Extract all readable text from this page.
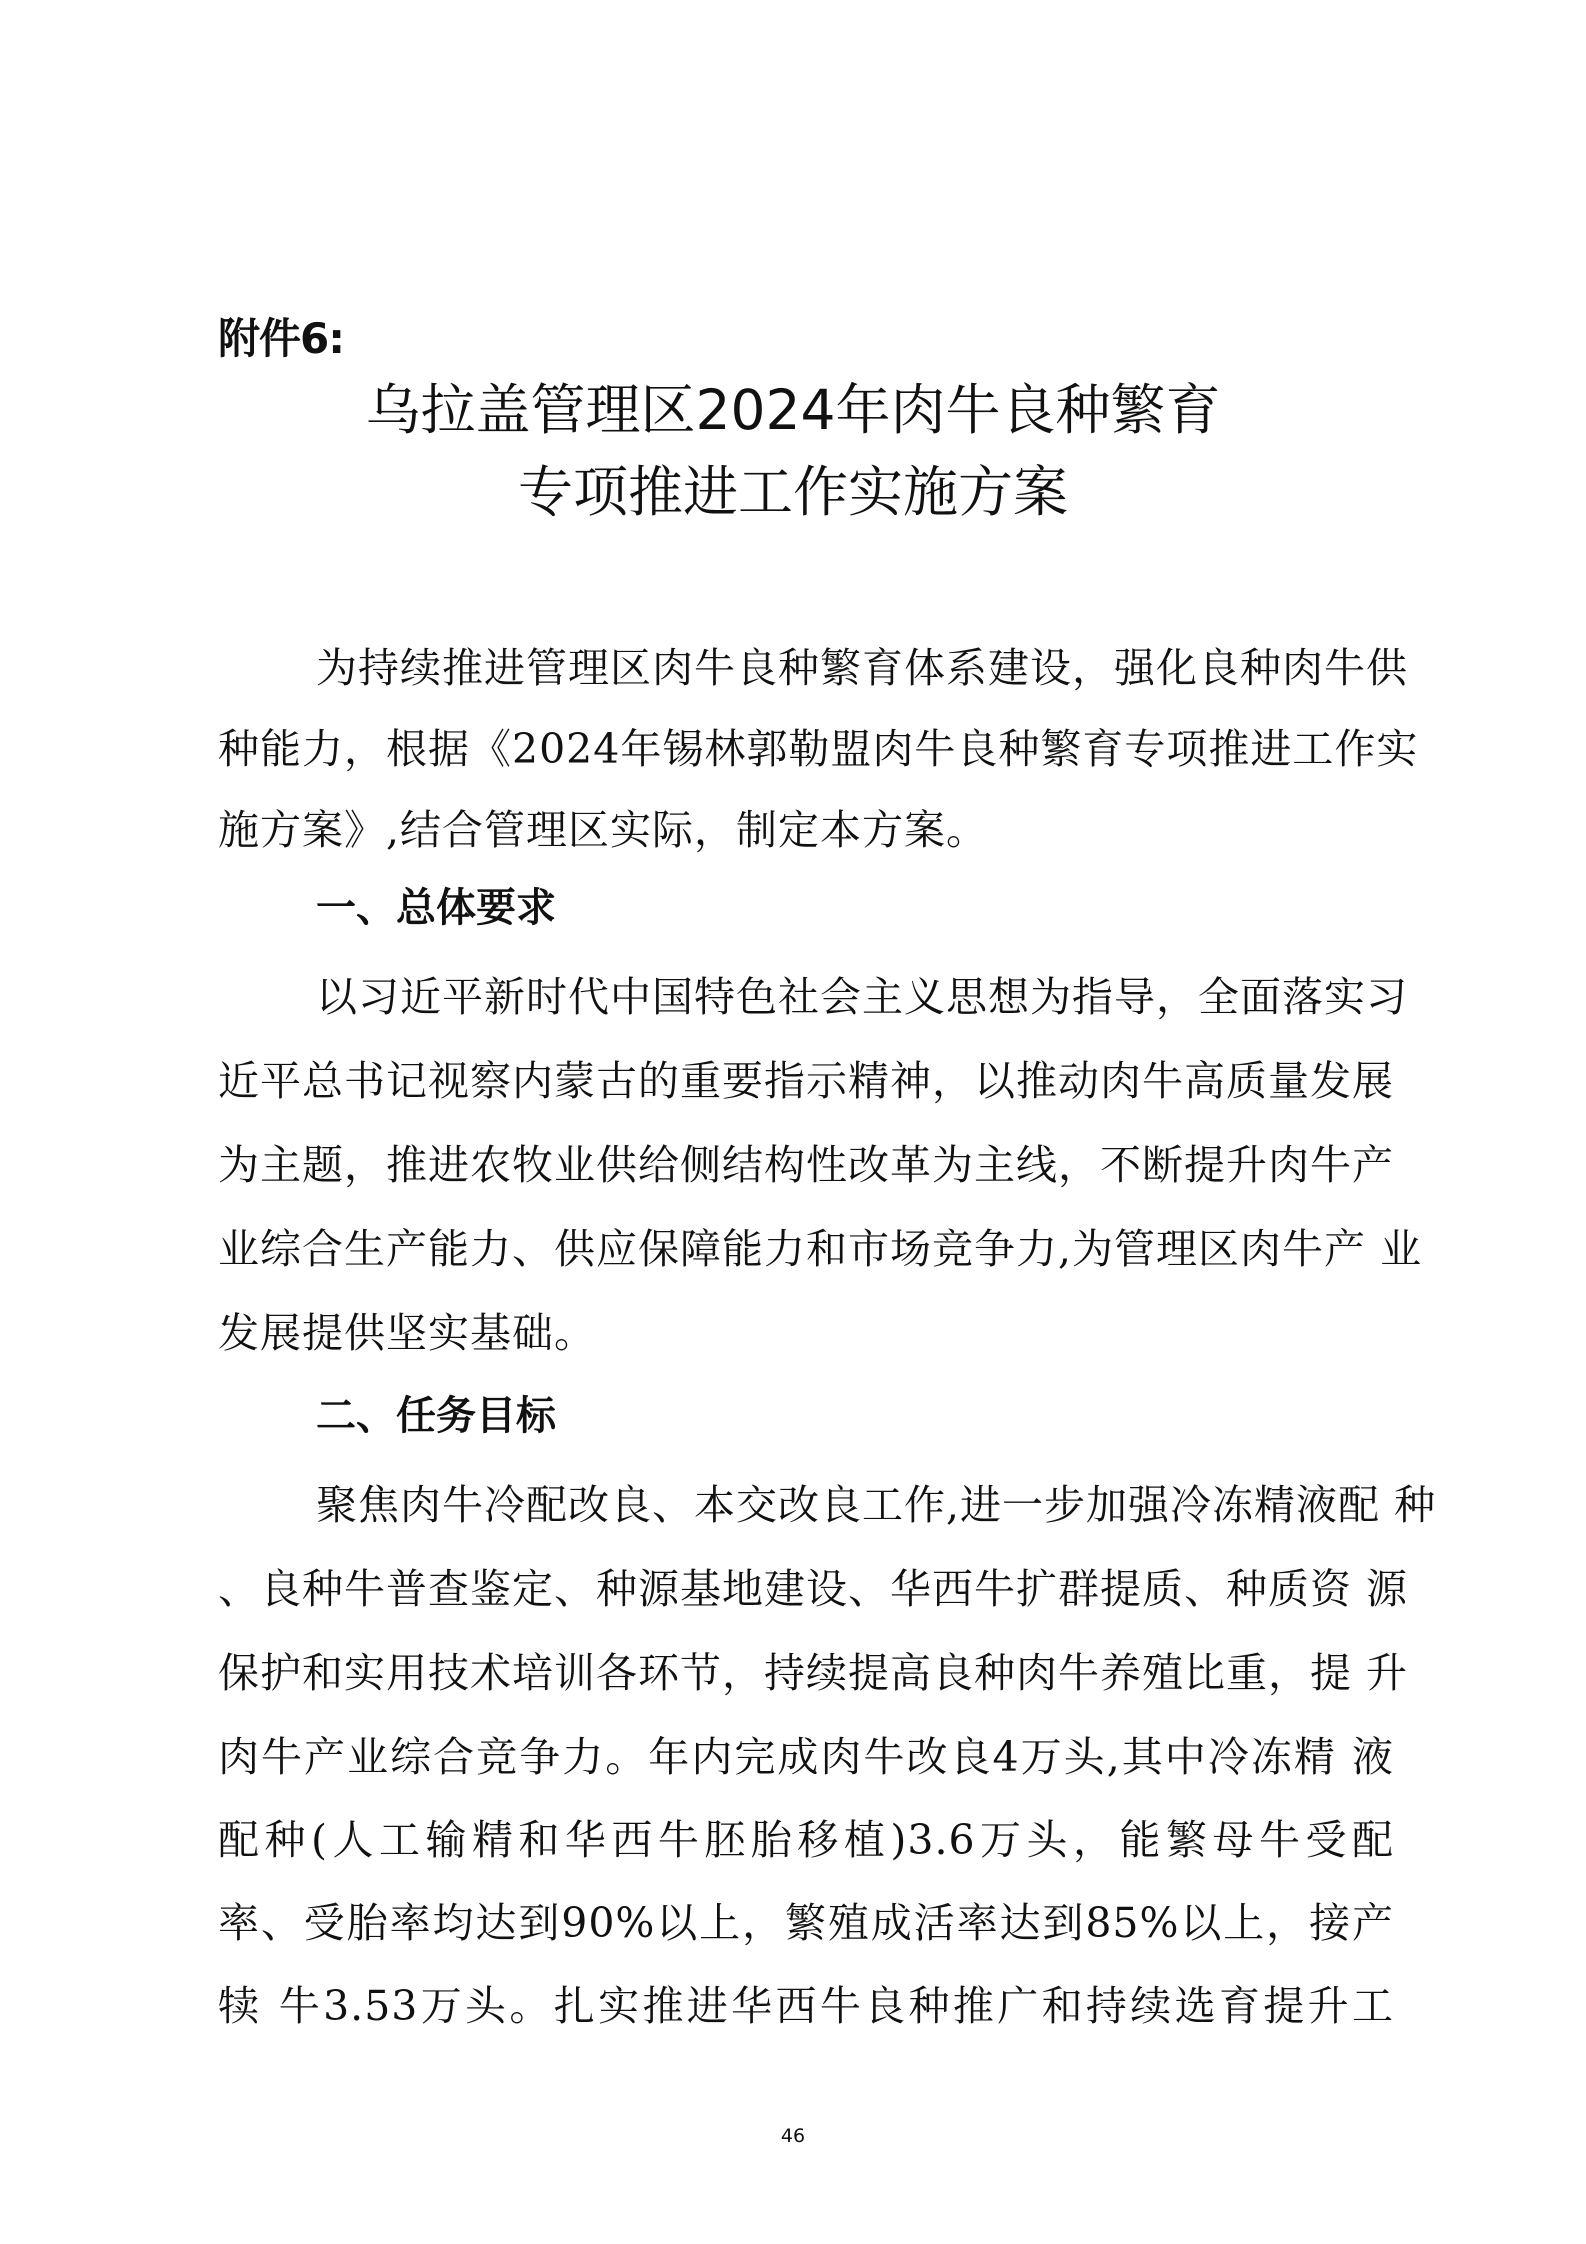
附件6:
乌拉盖管理区2024年肉牛良种繁育
专项推进工作实施方案
为持续推进管理区肉牛良种繁育体系建设，强化良种肉牛供
种能力，根据《2024年锡林郭勒盟肉牛良种繁育专项推进工作实
施方案》,结合管理区实际，制定本方案。
一、总体要求
以习近平新时代中国特色社会主义思想为指导，全面落实习
近平总书记视察内蒙古的重要指示精神，以推动肉牛高质量发展
为主题，推进农牧业供给侧结构性改革为主线，不断提升肉牛产
业综合生产能力、供应保障能力和市场竞争力,为管理区肉牛产 业
发展提供坚实基础。
二、任务目标
聚焦肉牛冷配改良、本交改良工作,进一步加强冷冻精液配 种
、良种牛普查鉴定、种源基地建设、华西牛扩群提质、种质资 源
保护和实用技术培训各环节，持续提高良种肉牛养殖比重，提 升
肉牛产业综合竞争力。年内完成肉牛改良4万头,其中冷冻精 液
配种(人工输精和华西牛胚胎移植)3.6万头，能繁母牛受配
率、受胎率均达到90%以上，繁殖成活率达到85%以上，接产
犊 牛3.53万头。扎实推进华西牛良种推广和持续选育提升工
46
